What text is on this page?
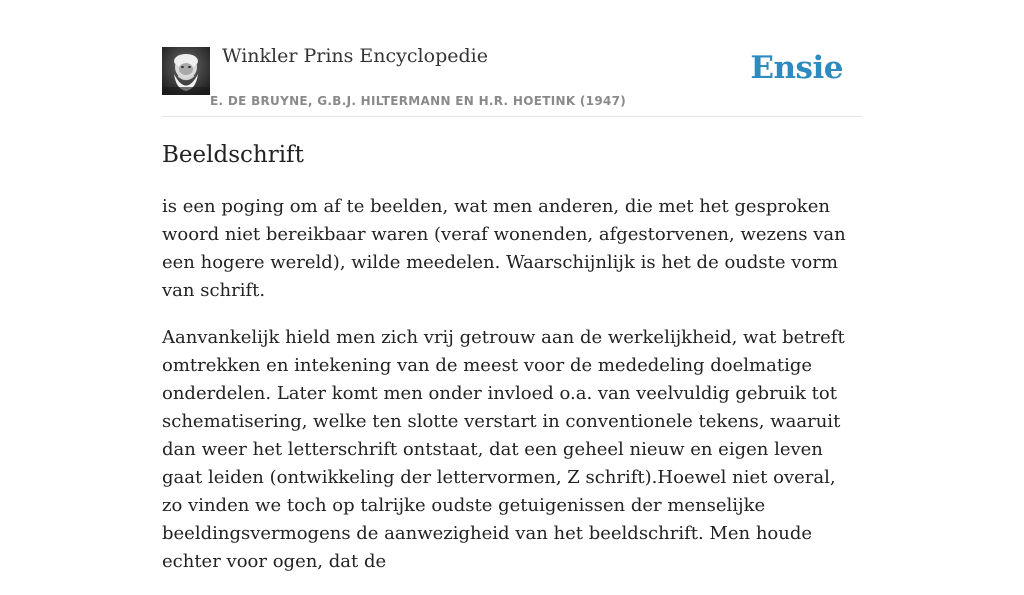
Winkler Prins Encyclopedie
E. DE BRUYNE, G.B.J. HILTERMANN EN H.R. HOETINK (1947)
Ensie
Beeldschrift

is een poging om af te beelden, wat men anderen, die met het gesproken woord niet bereikbaar waren (veraf wonenden, afgestorvenen, wezens van een hogere wereld), wilde meedelen. Waarschijnlijk is het de oudste vorm van schrift.

Aanvankelijk hield men zich vrij getrouw aan de werkelijkheid, wat betreft omtrekken en intekening van de meest voor de mededeling doelmatige onderdelen. Later komt men onder invloed o.a. van veelvuldig gebruik tot schematisering, welke ten slotte verstart in conventionele tekens, waaruit dan weer het letterschrift ontstaat, dat een geheel nieuw en eigen leven gaat leiden (ontwikkeling der lettervormen, Z schrift).Hoewel niet overal, zo vinden we toch op talrijke oudste getuigenissen der menselijke beeldingsvermogens de aanwezigheid van het beeldschrift. Men houde echter voor ogen, dat de
